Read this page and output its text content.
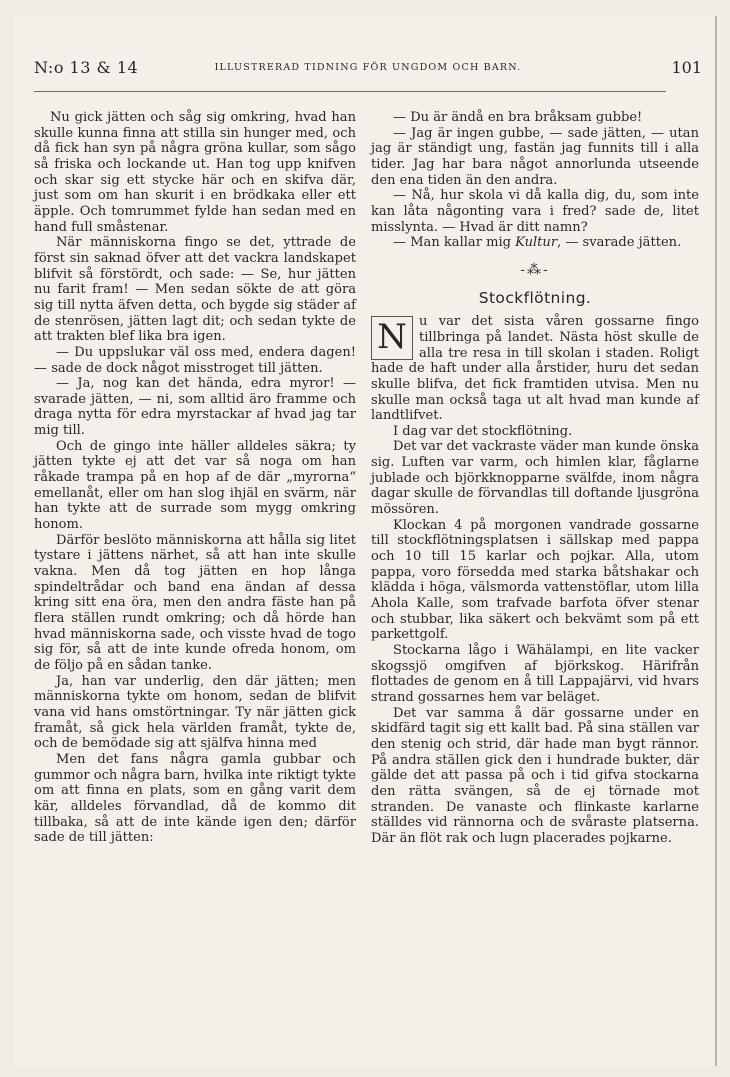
N:o 13 & 14	ILLUSTRERAD TIDNING FÖR UNGDOM OCH BARN.	101

Nu gick jätten och såg sig omkring, hvad han skulle kunna finna att stilla sin hunger med, och då fick han syn på några gröna kullar, som sågo så friska och lockande ut. Han tog upp knifven och skar sig ett stycke här och en skifva där, just som om han skurit i en brödkaka eller ett äpple. Och tomrummet fylde han sedan med en hand full småstenar.

När människorna fingo se det, yttrade de först sin saknad öfver att det vackra landskapet blifvit så förstördt, och sade: — Se, hur jätten nu farit fram! — Men sedan sökte de att göra sig till nytta äfven detta, och bygde sig städer af de stenrösen, jätten lagt dit; och sedan tykte de att trakten blef lika bra igen.

— Du uppslukar väl oss med, endera dagen! — sade de dock något misstroget till jätten.

— Ja, nog kan det hända, edra myror! — svarade jätten, — ni, som alltid äro framme och draga nytta för edra myrstackar af hvad jag tar mig till.

Och de gingo inte häller alldeles säkra; ty jätten tykte ej att det var så noga om han råkade trampa på en hop af de där „myrorna“ emellanåt, eller om han slog ihjäl en svärm, när han tykte att de surrade som mygg omkring honom.

Därför beslöto människorna att hålla sig litet tystare i jättens närhet, så att han inte skulle vakna. Men då tog jätten en hop långa spindeltrådar och band ena ändan af dessa kring sitt ena öra, men den andra fäste han på flera ställen rundt omkring; och då hörde han hvad människorna sade, och visste hvad de togo sig för, så att de inte kunde ofreda honom, om de följo på en sådan tanke.

Ja, han var underlig, den där jätten; men människorna tykte om honom, sedan de blifvit vana vid hans omstörtningar. Ty när jätten gick framåt, så gick hela världen framåt, tykte de, och de bemödade sig att själfva hinna med

Men det fans några gamla gubbar och gummor och några barn, hvilka inte riktigt tykte om att finna en plats, som en gång varit dem kär, alldeles förvandlad, då de kommo dit tillbaka, så att de inte kände igen den; därför sade de till jätten:

— Du är ändå en bra bråksam gubbe!

— Jag är ingen gubbe, — sade jätten, — utan jag är ständigt ung, fastän jag funnits till i alla tider. Jag har bara något annorlunda utseende den ena tiden än den andra.

— Nå, hur skola vi då kalla dig, du, som inte kan låta någonting vara i fred? sade de, litet misslynta. — Hvad är ditt namn?

— Man kallar mig Kultur, — svarade jätten.

-⁂-
Stockflötning.
N u var det sista våren gossarne fingo tillbringa på landet. Nästa höst skulle de alla tre resa in till skolan i staden. Roligt hade de haft under alla årstider, huru det sedan skulle blifva, det fick framtiden utvisa. Men nu skulle man också taga ut alt hvad man kunde af landtlifvet.

I dag var det stockflötning.

Det var det vackraste väder man kunde önska sig. Luften var varm, och himlen klar, fåglarne jublade och björkknopparne svälfde, inom några dagar skulle de förvandlas till doftande ljusgröna mössören.

Klockan 4 på morgonen vandrade gossarne till stockflötningsplatsen i sällskap med pappa och 10 till 15 karlar och pojkar. Alla, utom pappa, voro försedda med starka båtshakar och klädda i höga, välsmorda vattenstöflar, utom lilla Ahola Kalle, som trafvade barfota öfver stenar och stubbar, lika säkert och bekvämt som på ett parkettgolf.

Stockarna lågo i Wähälampi, en lite vacker skogssjö omgifven af björkskog. Härifrån flottades de genom en å till Lappajärvi, vid hvars strand gossarnes hem var beläget.

Det var samma å där gossarne under en skidfärd tagit sig ett kallt bad. På sina ställen var den stenig och strid, där hade man bygt rännor. På andra ställen gick den i hundrade bukter, där gälde det att passa på och i tid gifva stockarna den rätta svängen, så de ej törnade mot stranden. De vanaste och flinkaste karlarne ställdes vid rännorna och de svåraste platserna. Där än flöt rak och lugn placerades pojkarne.
